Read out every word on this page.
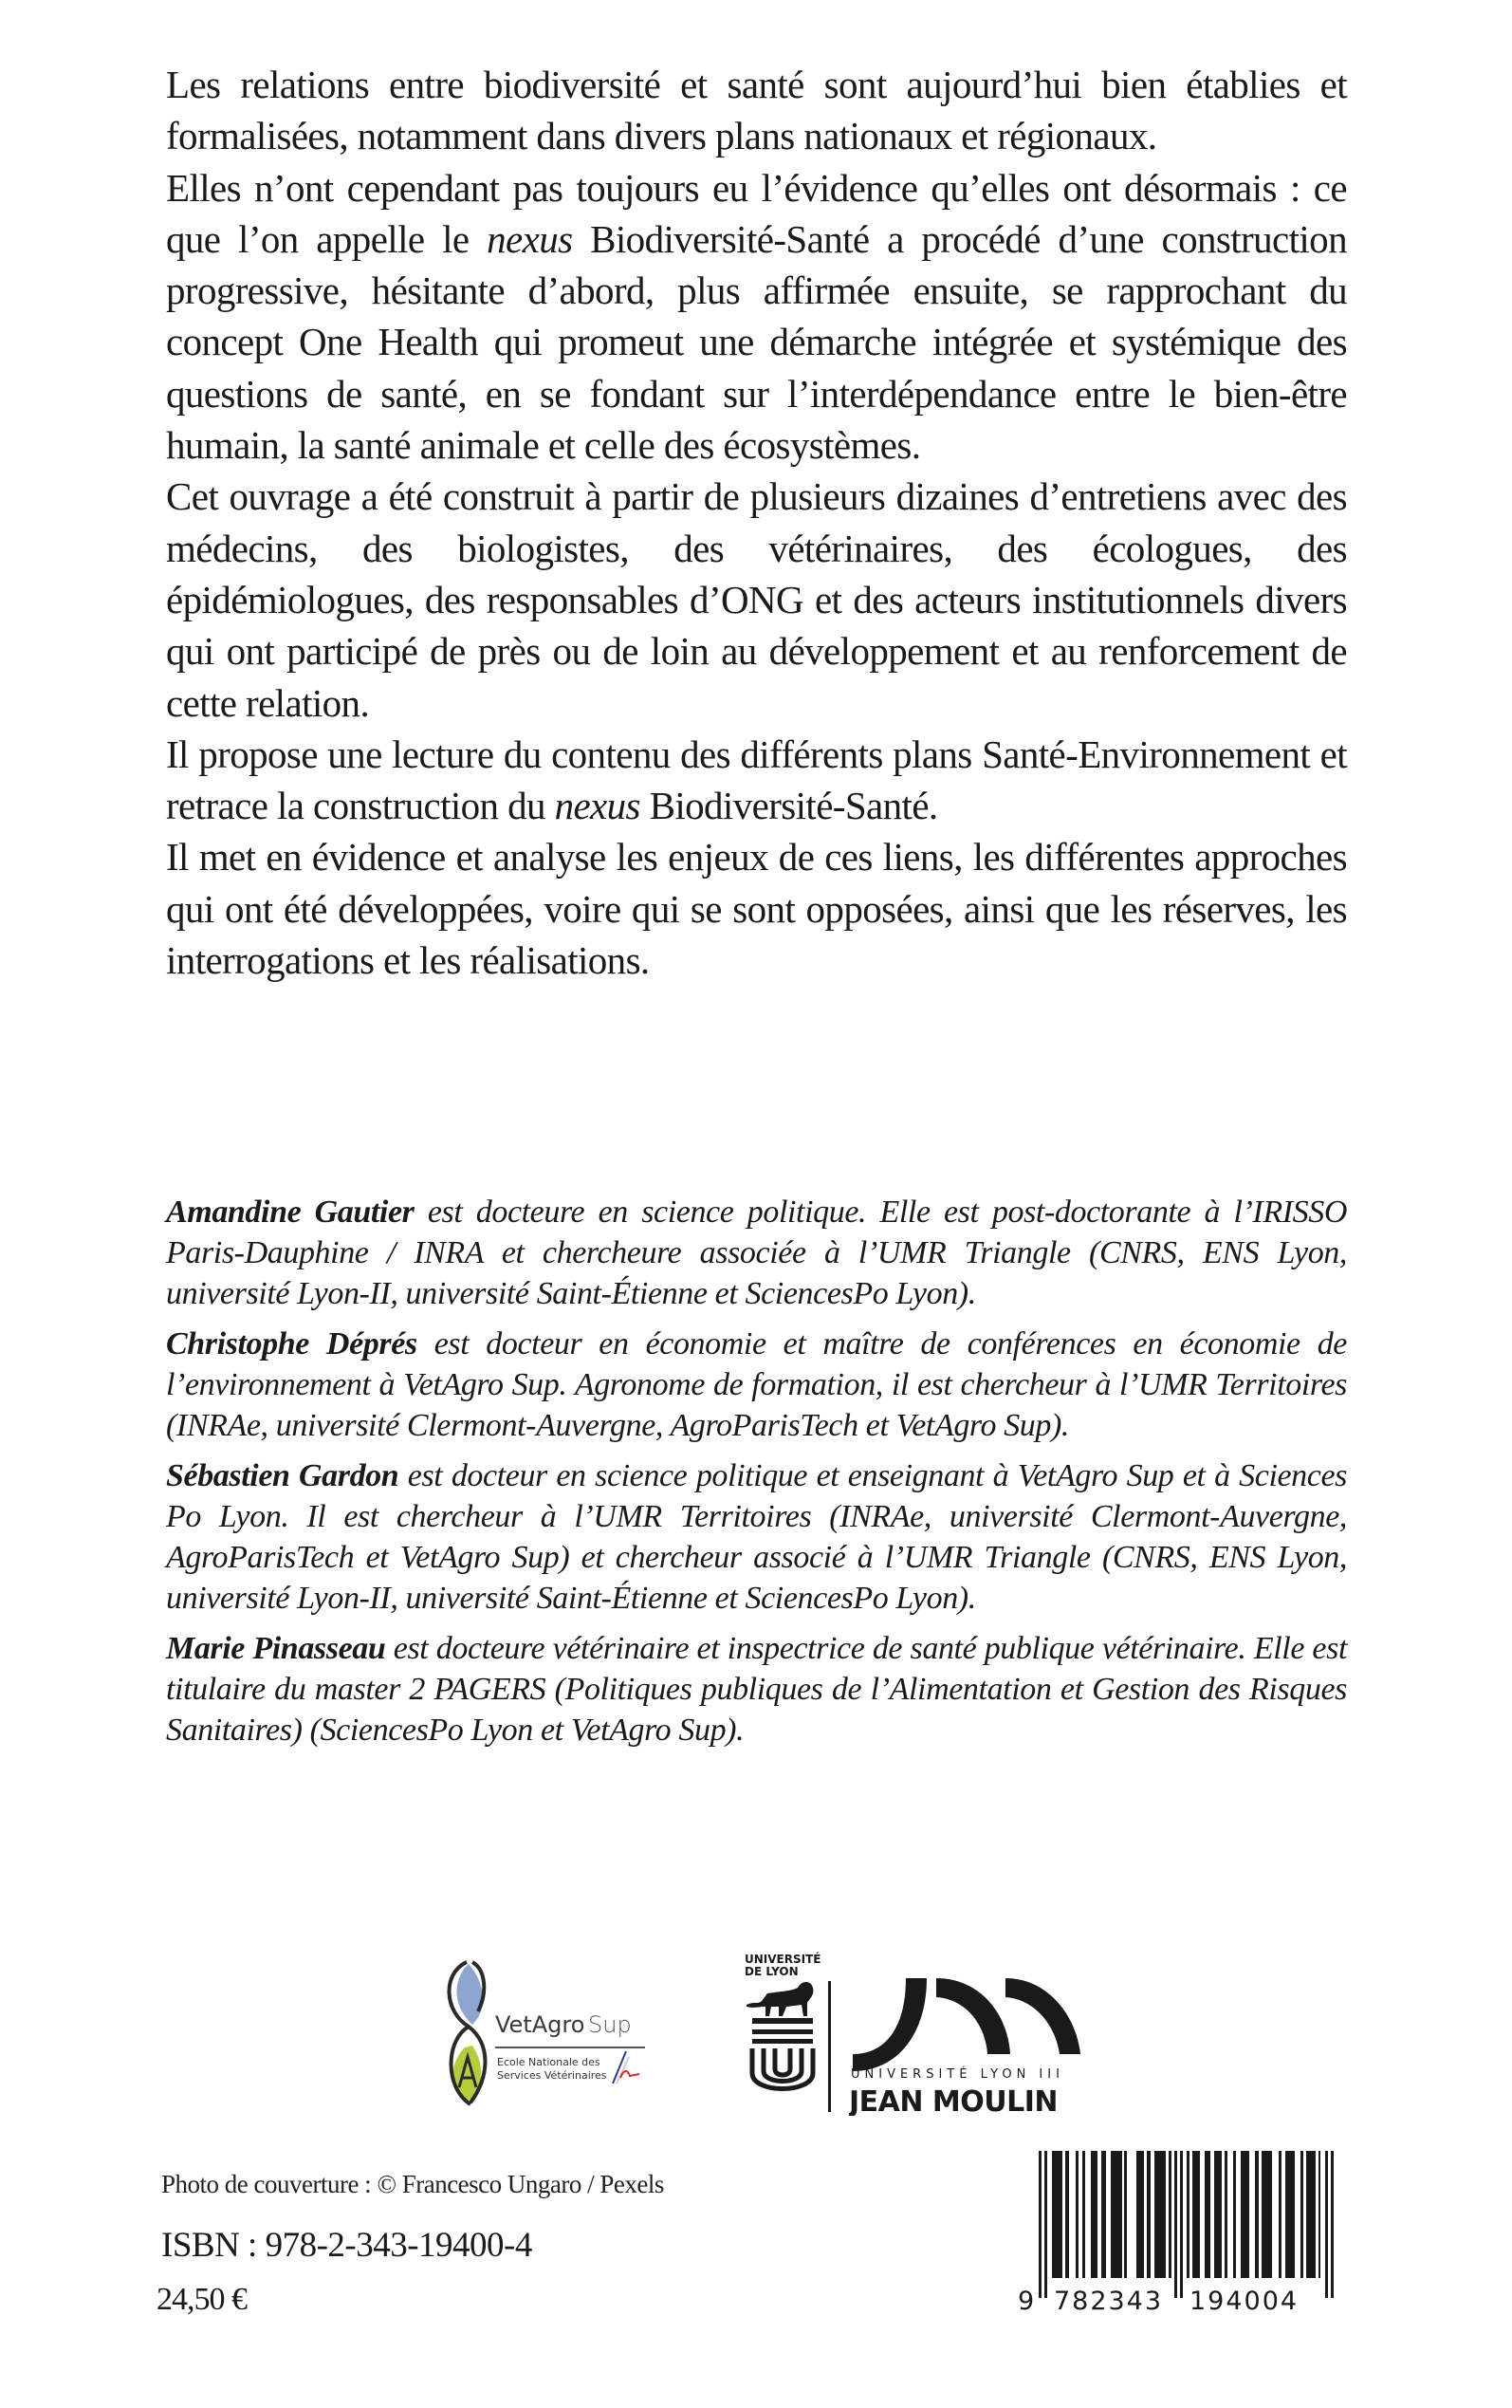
Les relations entre biodiversité et santé sont aujourd’hui bien établies et formalisées, notamment dans divers plans nationaux et régionaux.

Elles n’ont cependant pas toujours eu l’évidence qu’elles ont désormais : ce que l’on appelle le nexus Biodiversité-Santé a procédé d’une construction progressive, hésitante d’abord, plus affirmée ensuite, se rapprochant du concept One Health qui promeut une démarche intégrée et systémique des questions de santé, en se fondant sur l’interdépendance entre le bien-être humain, la santé animale et celle des écosystèmes.

Cet ouvrage a été construit à partir de plusieurs dizaines d’entretiens avec des médecins, des biologistes, des vétérinaires, des écologues, des épidémiologues, des responsables d’ONG et des acteurs institutionnels divers qui ont participé de près ou de loin au développement et au renforcement de cette relation.

Il propose une lecture du contenu des différents plans Santé-Environnement et retrace la construction du nexus Biodiversité-Santé.

Il met en évidence et analyse les enjeux de ces liens, les différentes approches qui ont été développées, voire qui se sont opposées, ainsi que les réserves, les interrogations et les réalisations.

Amandine Gautier est docteure en science politique. Elle est post-doctorante à l’IRISSO Paris-Dauphine / INRA et chercheure associée à l’UMR Triangle (CNRS, ENS Lyon, université Lyon-II, université Saint-Étienne et SciencesPo Lyon).

Christophe Déprés est docteur en économie et maître de conférences en économie de l’environnement à VetAgro Sup. Agronome de formation, il est chercheur à l’UMR Territoires (INRAe, université Clermont-Auvergne, AgroParisTech et VetAgro Sup).

Sébastien Gardon est docteur en science politique et enseignant à VetAgro Sup et à Sciences Po Lyon. Il est chercheur à l’UMR Territoires (INRAe, université Clermont-Auvergne, AgroParisTech et VetAgro Sup) et chercheur associé à l’UMR Triangle (CNRS, ENS Lyon, université Lyon-II, université Saint-Étienne et SciencesPo Lyon).

Marie Pinasseau est docteure vétérinaire et inspectrice de santé publique vétérinaire. Elle est titulaire du master 2 PAGERS (Politiques publiques de l’Alimentation et Gestion des Risques Sanitaires) (SciencesPo Lyon et VetAgro Sup).

VetAgro Sup
Ecole Nationale des
Services Vétérinaires
UNIVERSITÉ
DE LYON
UNIVERSITÉ LYON III
JEAN MOULIN
Photo de couverture : © Francesco Ungaro / Pexels
ISBN : 978-2-343-19400-4
24,50 €	9 782343 194004
